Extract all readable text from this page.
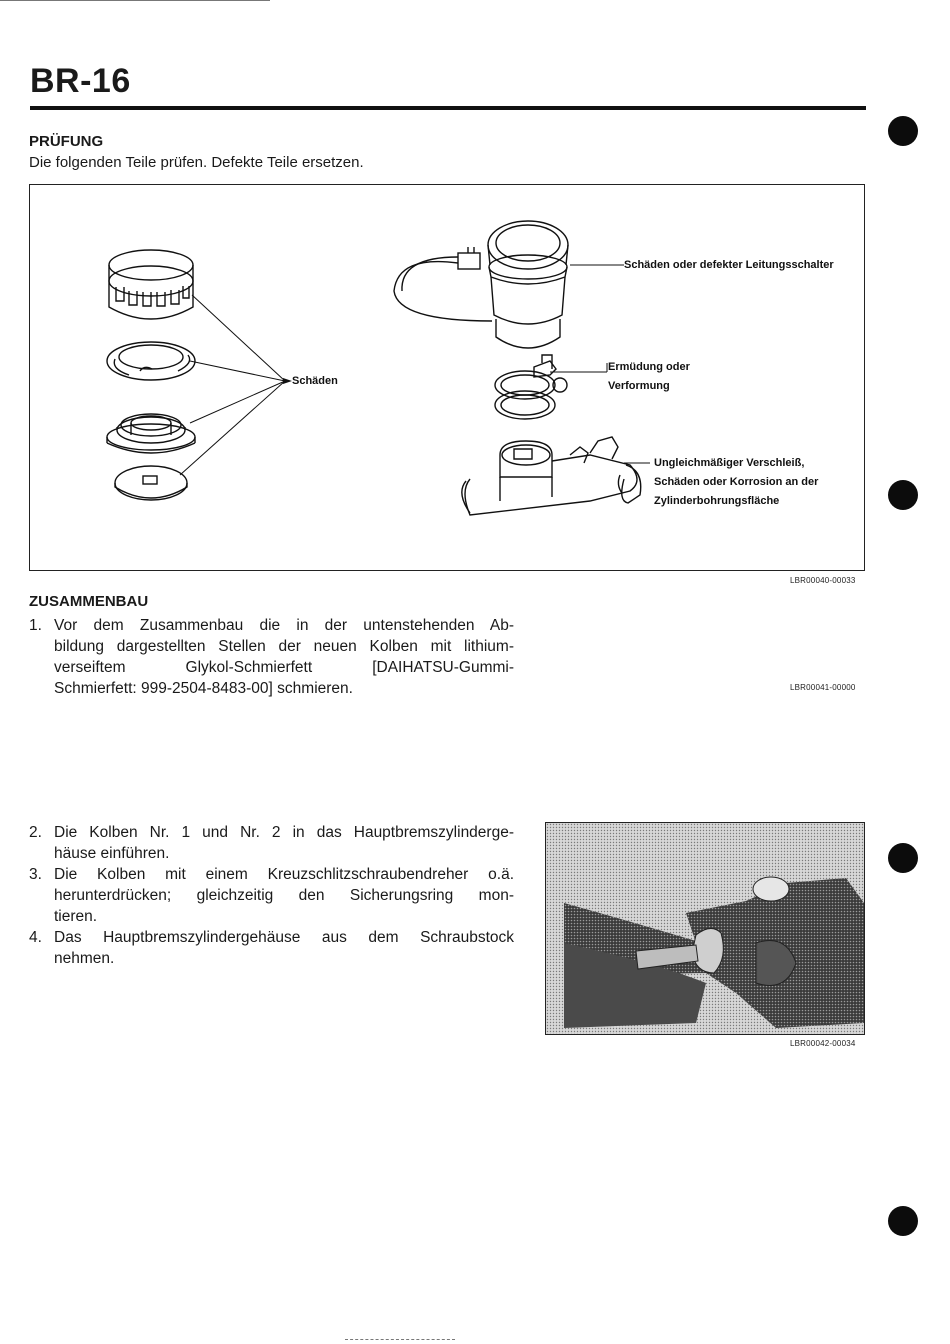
BR-16
PRÜFUNG
Die folgenden Teile prüfen. Defekte Teile ersetzen.
Schäden
Schäden oder defekter Leitungsschalter
Ermüdung oder
Verformung
Ungleichmäßiger Verschleiß,
Schäden oder Korrosion an der
Zylinderbohrungsfläche
LBR00040-00033
ZUSAMMENBAU
1. Vor dem Zusammenbau die in der untenstehenden Ab-
bildung dargestellten Stellen der neuen Kolben mit lithium-
verseiftem Glykol-Schmierfett [DAIHATSU-Gummi-
Schmierfett: 999-2504-8483-00] schmieren.	LBR00041-00000
2. Die Kolben Nr. 1 und Nr. 2 in das Hauptbremszylinderge-
häuse einführen.
3. Die Kolben mit einem Kreuzschlitzschraubendreher o.ä.
herunterdrücken; gleichzeitig den Sicherungsring mon-
tieren.
4. Das Hauptbremszylindergehäuse aus dem Schraubstock
nehmen.
LBR00042-00034
